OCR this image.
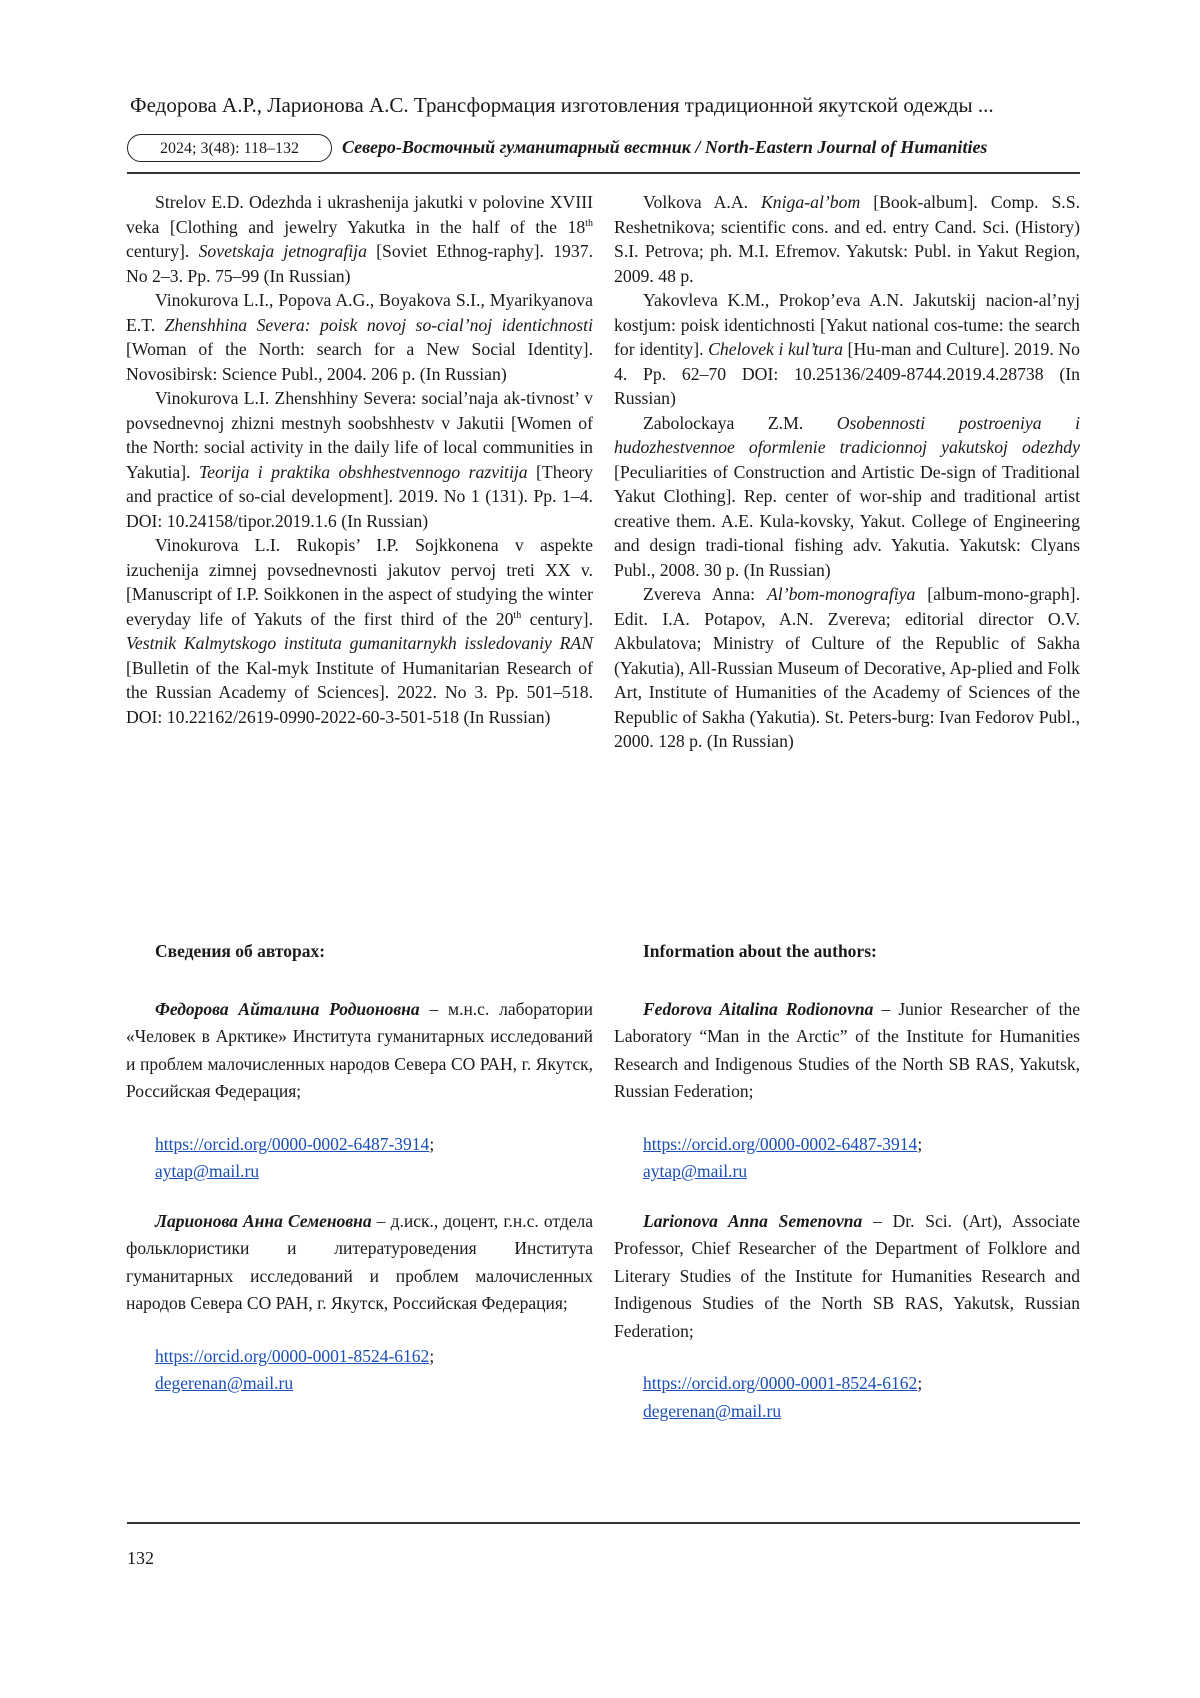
Федорова А.Р., Ларионова А.С. Трансформация изготовления традиционной якутской одежды ...
2024; 3(48): 118–132	Северо-Восточный гуманитарный вестник / North-Eastern Journal of Humanities

Strelov E.D. Odezhda i ukrashenija jakutki v polovine XVIII veka [Clothing and jewelry Yakutka in the half of the 18th century]. Sovetskaja jetnografija [Soviet Ethnog-raphy]. 1937. No 2–3. Pp. 75–99 (In Russian)

Vinokurova L.I., Popova A.G., Boyakova S.I., Myarikyanova E.T. Zhenshhina Severa: poisk novoj so-cial’noj identichnosti [Woman of the North: search for a New Social Identity]. Novosibirsk: Science Publ., 2004. 206 p. (In Russian)

Vinokurova L.I. Zhenshhiny Severa: social’naja ak-tivnost’ v povsednevnoj zhizni mestnyh soobshhestv v Jakutii [Women of the North: social activity in the daily life of local communities in Yakutia]. Teorija i praktika obshhestvennogo razvitija [Theory and practice of so-cial development]. 2019. No 1 (131). Pp. 1–4. DOI: 10.24158/tipor.2019.1.6 (In Russian)

Vinokurova L.I. Rukopis’ I.P. Sojkkonena v aspekte izuchenija zimnej povsednevnosti jakutov pervoj treti XX v. [Manuscript of I.P. Soikkonen in the aspect of studying the winter everyday life of Yakuts of the first third of the 20th century]. Vestnik Kalmytskogo instituta gumanitarnykh issledovaniy RAN [Bulletin of the Kal-myk Institute of Humanitarian Research of the Russian Academy of Sciences]. 2022. No 3. Pp. 501–518. DOI: 10.22162/2619-0990-2022-60-3-501-518 (In Russian)

Volkova A.A. Kniga-al’bom [Book-album]. Comp. S.S. Reshetnikova; scientific cons. and ed. entry Cand. Sci. (History) S.I. Petrova; ph. M.I. Efremov. Yakutsk: Publ. in Yakut Region, 2009. 48 p.

Yakovleva K.M., Prokop’eva A.N. Jakutskij nacion-al’nyj kostjum: poisk identichnosti [Yakut national cos-tume: the search for identity]. Chelovek i kul’tura [Hu-man and Culture]. 2019. No 4. Pp. 62–70 DOI: 10.25136/2409-8744.2019.4.28738 (In Russian)

Zabolockaya Z.M. Osobennosti postroeniya i hudozhestvennoe oformlenie tradicionnoj yakutskoj odezhdy [Peculiarities of Construction and Artistic De-sign of Traditional Yakut Clothing]. Rep. center of wor-ship and traditional artist creative them. A.E. Kula-kovsky, Yakut. College of Engineering and design tradi-tional fishing adv. Yakutia. Yakutsk: Clyans Publ., 2008. 30 p. (In Russian)

Zvereva Anna: Al’bom-monografiya [album-mono-graph]. Edit. I.A. Potapov, A.N. Zvereva; editorial director O.V. Akbulatova; Ministry of Culture of the Republic of Sakha (Yakutia), All-Russian Museum of Decorative, Ap-plied and Folk Art, Institute of Humanities of the Academy of Sciences of the Republic of Sakha (Yakutia). St. Peters-burg: Ivan Fedorov Publ., 2000. 128 p. (In Russian)

Сведения об авторах:

Федорова Айталина Родионовна – м.н.с. лаборатории «Человек в Арктике» Института гуманитарных исследований и проблем малочисленных народов Севера СО РАН, г. Якутск, Российская Федерация;

https://orcid.org/0000-0002-6487-3914;
aytap@mail.ru

Ларионова Анна Семеновна – д.иск., доцент, г.н.с. отдела фольклористики и литературоведения Института гуманитарных исследований и проблем малочисленных народов Севера СО РАН, г. Якутск, Российская Федерация;

https://orcid.org/0000-0001-8524-6162;
degerenan@mail.ru

Information about the authors:

Fedorova Aitalina Rodionovna – Junior Researcher of the Laboratory “Man in the Arctic” of the Institute for Humanities Research and Indigenous Studies of the North SB RAS, Yakutsk, Russian Federation;

https://orcid.org/0000-0002-6487-3914;
aytap@mail.ru

Larionova Anna Semenovna – Dr. Sci. (Art), Associate Professor, Chief Researcher of the Department of Folklore and Literary Studies of the Institute for Humanities Research and Indigenous Studies of the North SB RAS, Yakutsk, Russian Federation;

https://orcid.org/0000-0001-8524-6162;
degerenan@mail.ru

132
